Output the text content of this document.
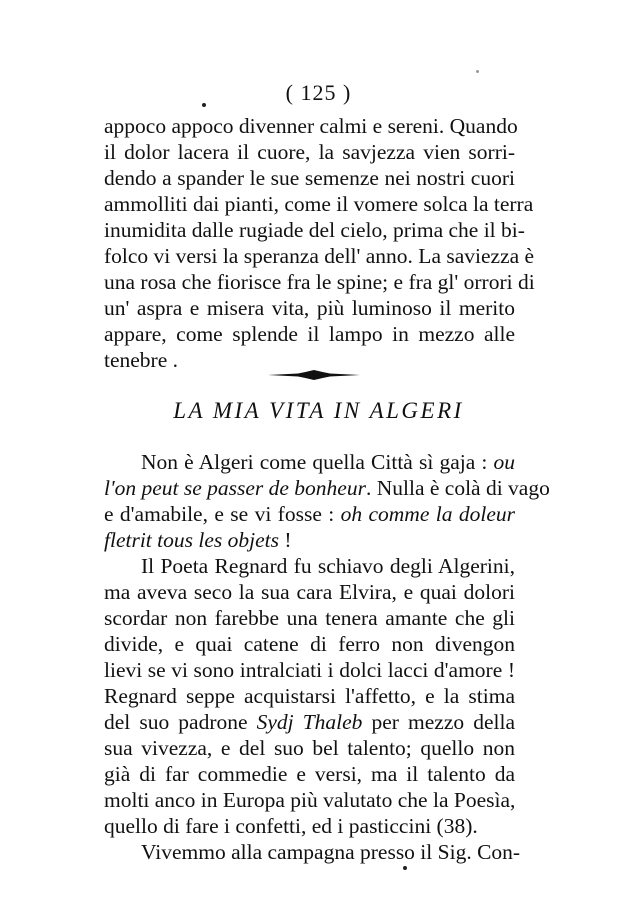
( 125 )
appoco appoco divenner calmi e sereni. Quando
il dolor lacera il cuore, la savjezza vien sorri-
dendo a spander le sue semenze nei nostri cuori
ammolliti dai pianti, come il vomere solca la terra
inumidita dalle rugiade del cielo, prima che il bi-
folco vi versi la speranza dell' anno. La saviezza è
una rosa che fiorisce fra le spine; e fra gl' orrori di
un' aspra e misera vita, più luminoso il merito
appare, come splende il lampo in mezzo alle
tenebre .
LA MIA VITA IN ALGERI
Non è Algeri come quella Città sì gaja : ou
l'on peut se passer de bonheur. Nulla è colà di vago
e d'amabile, e se vi fosse : oh comme la doleur
fletrit tous les objets !
Il Poeta Regnard fu schiavo degli Algerini,
ma aveva seco la sua cara Elvira, e quai dolori
scordar non farebbe una tenera amante che gli
divide, e quai catene di ferro non divengon
lievi se vi sono intralciati i dolci lacci d'amore !
Regnard seppe acquistarsi l'affetto, e la stima
del suo padrone Sydj Thaleb per mezzo della
sua vivezza, e del suo bel talento; quello non
già di far commedie e versi, ma il talento da
molti anco in Europa più valutato che la Poesìa,
quello di fare i confetti, ed i pasticcini (38).
Vivemmo alla campagna presso il Sig. Con-
